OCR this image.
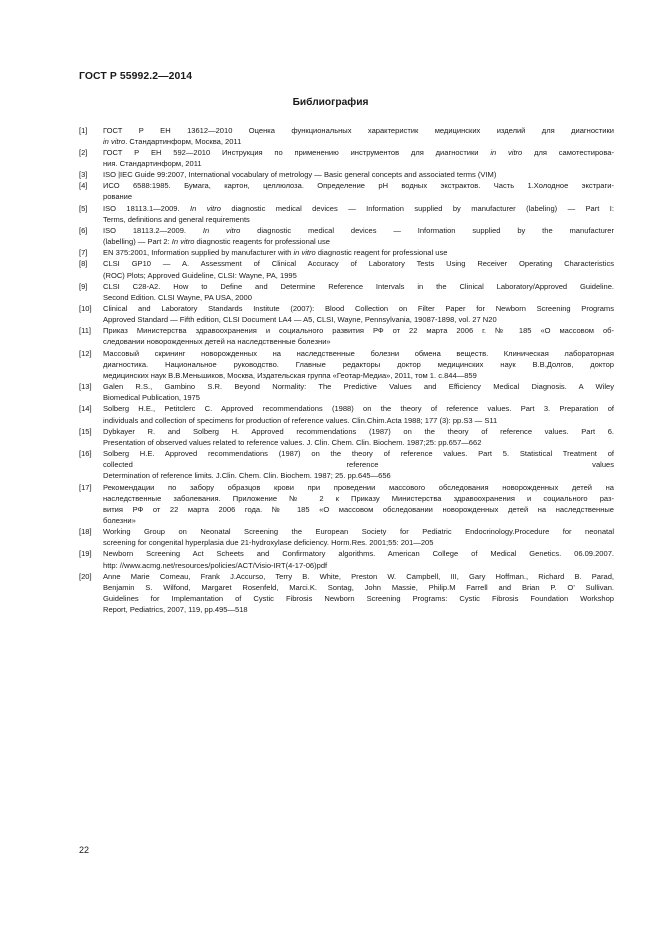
ГОСТ Р 55992.2—2014
Библиография
[1]	ГОСТ Р ЕН 13612—2010 Оценка функциональных характеристик медицинских изделий для диагностики
in vitro. Стандартинформ, Москва, 2011
[2]	ГОСТ Р ЕН 592—2010 Инструкция по применению инструментов для диагностики in vitro для самотестирова-
ния. Стандартинформ, 2011
[3]	ISO |IEC Guide 99:2007, International vocabulary of metrology — Basic general concepts and associated terms (VIM)
[4]	ИСО 6588:1985. Бумага, картон, целлюлоза. Определение pH водных экстрактов. Часть 1.Холодное экстраги-
рование
[5]	ISO 18113.1—2009. In vitro diagnostic medical devices — Information supplied by manufacturer (labeling) — Part I:
Terms, definitions and general requirements
[6]	ISO 18113.2—2009. In vitro diagnostic medical devices — Information supplied by the manufacturer
(labelling) — Part 2: In vitro diagnostic reagents for professional use
[7]	EN 375:2001, Information supplied by manufacturer with in vitro diagnostic reagent for professional use
[8]	CLSI GP10 — A. Assessment of Clinical Accuracy of Laboratory Tests Using Receiver Operating Characteristics
(ROC) Plots; Approved Guideline, CLSI: Wayne, PA, 1995
[9]	CLSI C28-A2. How to Define and Determine Reference Intervals in the Clinical Laboratory/Approved Guideline.
Second Edition. CLSI Wayne, PA USA, 2000
[10]	Clinical and Laboratory Standards Institute (2007): Blood Collection on Filter Paper for Newborn Screening Programs
Approved Standard — Fifth edition, CLSI Document LA4 — A5, CLSI, Wayne, Pennsylvania, 19087-1898, vol. 27 N20
[11]	Приказ Министерства здравоохранения и социального развития РФ от 22 марта 2006 г. № 185 «О массовом об-
следовании новорожденных детей на наследственные болезни»
[12]	Массовый скрининг новорожденных на наследственные болезни обмена веществ. Клиническая лабораторная
диагностика. Национальное руководство. Главные редакторы доктор медицинских наук В.В.Долгов, доктор
медицинских наук В.В.Меньшиков, Москва, Издательская группа «Геотар-Медиа», 2011, том 1. с.844—859
[13]	Galen R.S., Gambino S.R. Beyond Normality: The Predictive Values and Efficiency Medical Diagnosis. A Wiley
Biomedical Publication, 1975
[14]	Solberg H.E., Petitclerc C. Approved recommendations (1988) on the theory of reference values. Part 3. Preparation of
individuals and collection of specimens for production of reference values. Clin.Chim.Acta 1988; 177 (3): pp.S3 — S11
[15]	Dybkayer R. and Solberg H. Approved recommendations (1987) on the theory of reference values. Part 6.
Presentation of observed values related to reference values. J. Clin. Chem. Clin. Biochem. 1987;25: pp.657—662
[16]	Solberg H.E. Approved recommendations (1987) on the theory of reference values. Part 5. Statistical Treatment of
collected reference values
Determination of reference limits. J.Clin. Chem. Clin. Biochem. 1987; 25. pp.645—656
[17]	Рекомендации по забору образцов крови при проведении массового обследования новорожденных детей на
наследственные заболевания. Приложение № 2 к Приказу Министерства здравоохранения и социального раз-
вития РФ от 22 марта 2006 года. № 185 «О массовом обследовании новорожденных детей на наследственные
болезни»
[18]	Working Group on Neonatal Screening the European Society for Pediatric Endocrinology.Procedure for neonatal
screening for congenital hyperplasia due 21-hydroxylase deficiency. Horm.Res. 2001;55: 201—205
[19]	Newborn Screening Act Scheets and Confirmatory algorithms. American College of Medical Genetics. 06.09.2007.
http: //www.acmg.net/resources/policies/ACT/Visio-IRT(4-17-06)pdf
[20]	Anne Marie Comeau, Frank J.Accurso, Terry B. White, Preston W. Campbell, III, Gary Hoffman., Richard B. Parad,
Benjamin S. Wilfond, Margaret Rosenfeld, Marci.K. Sontag, John Massie, Philip.M Farrell and Brian P. O’ Sullivan.
Guidelines for Implemantation of Cystic Fibrosis Newborn Screening Programs: Cystic Fibrosis Foundation Workshop
Report, Pediatrics, 2007, 119, pp.495—518
22
